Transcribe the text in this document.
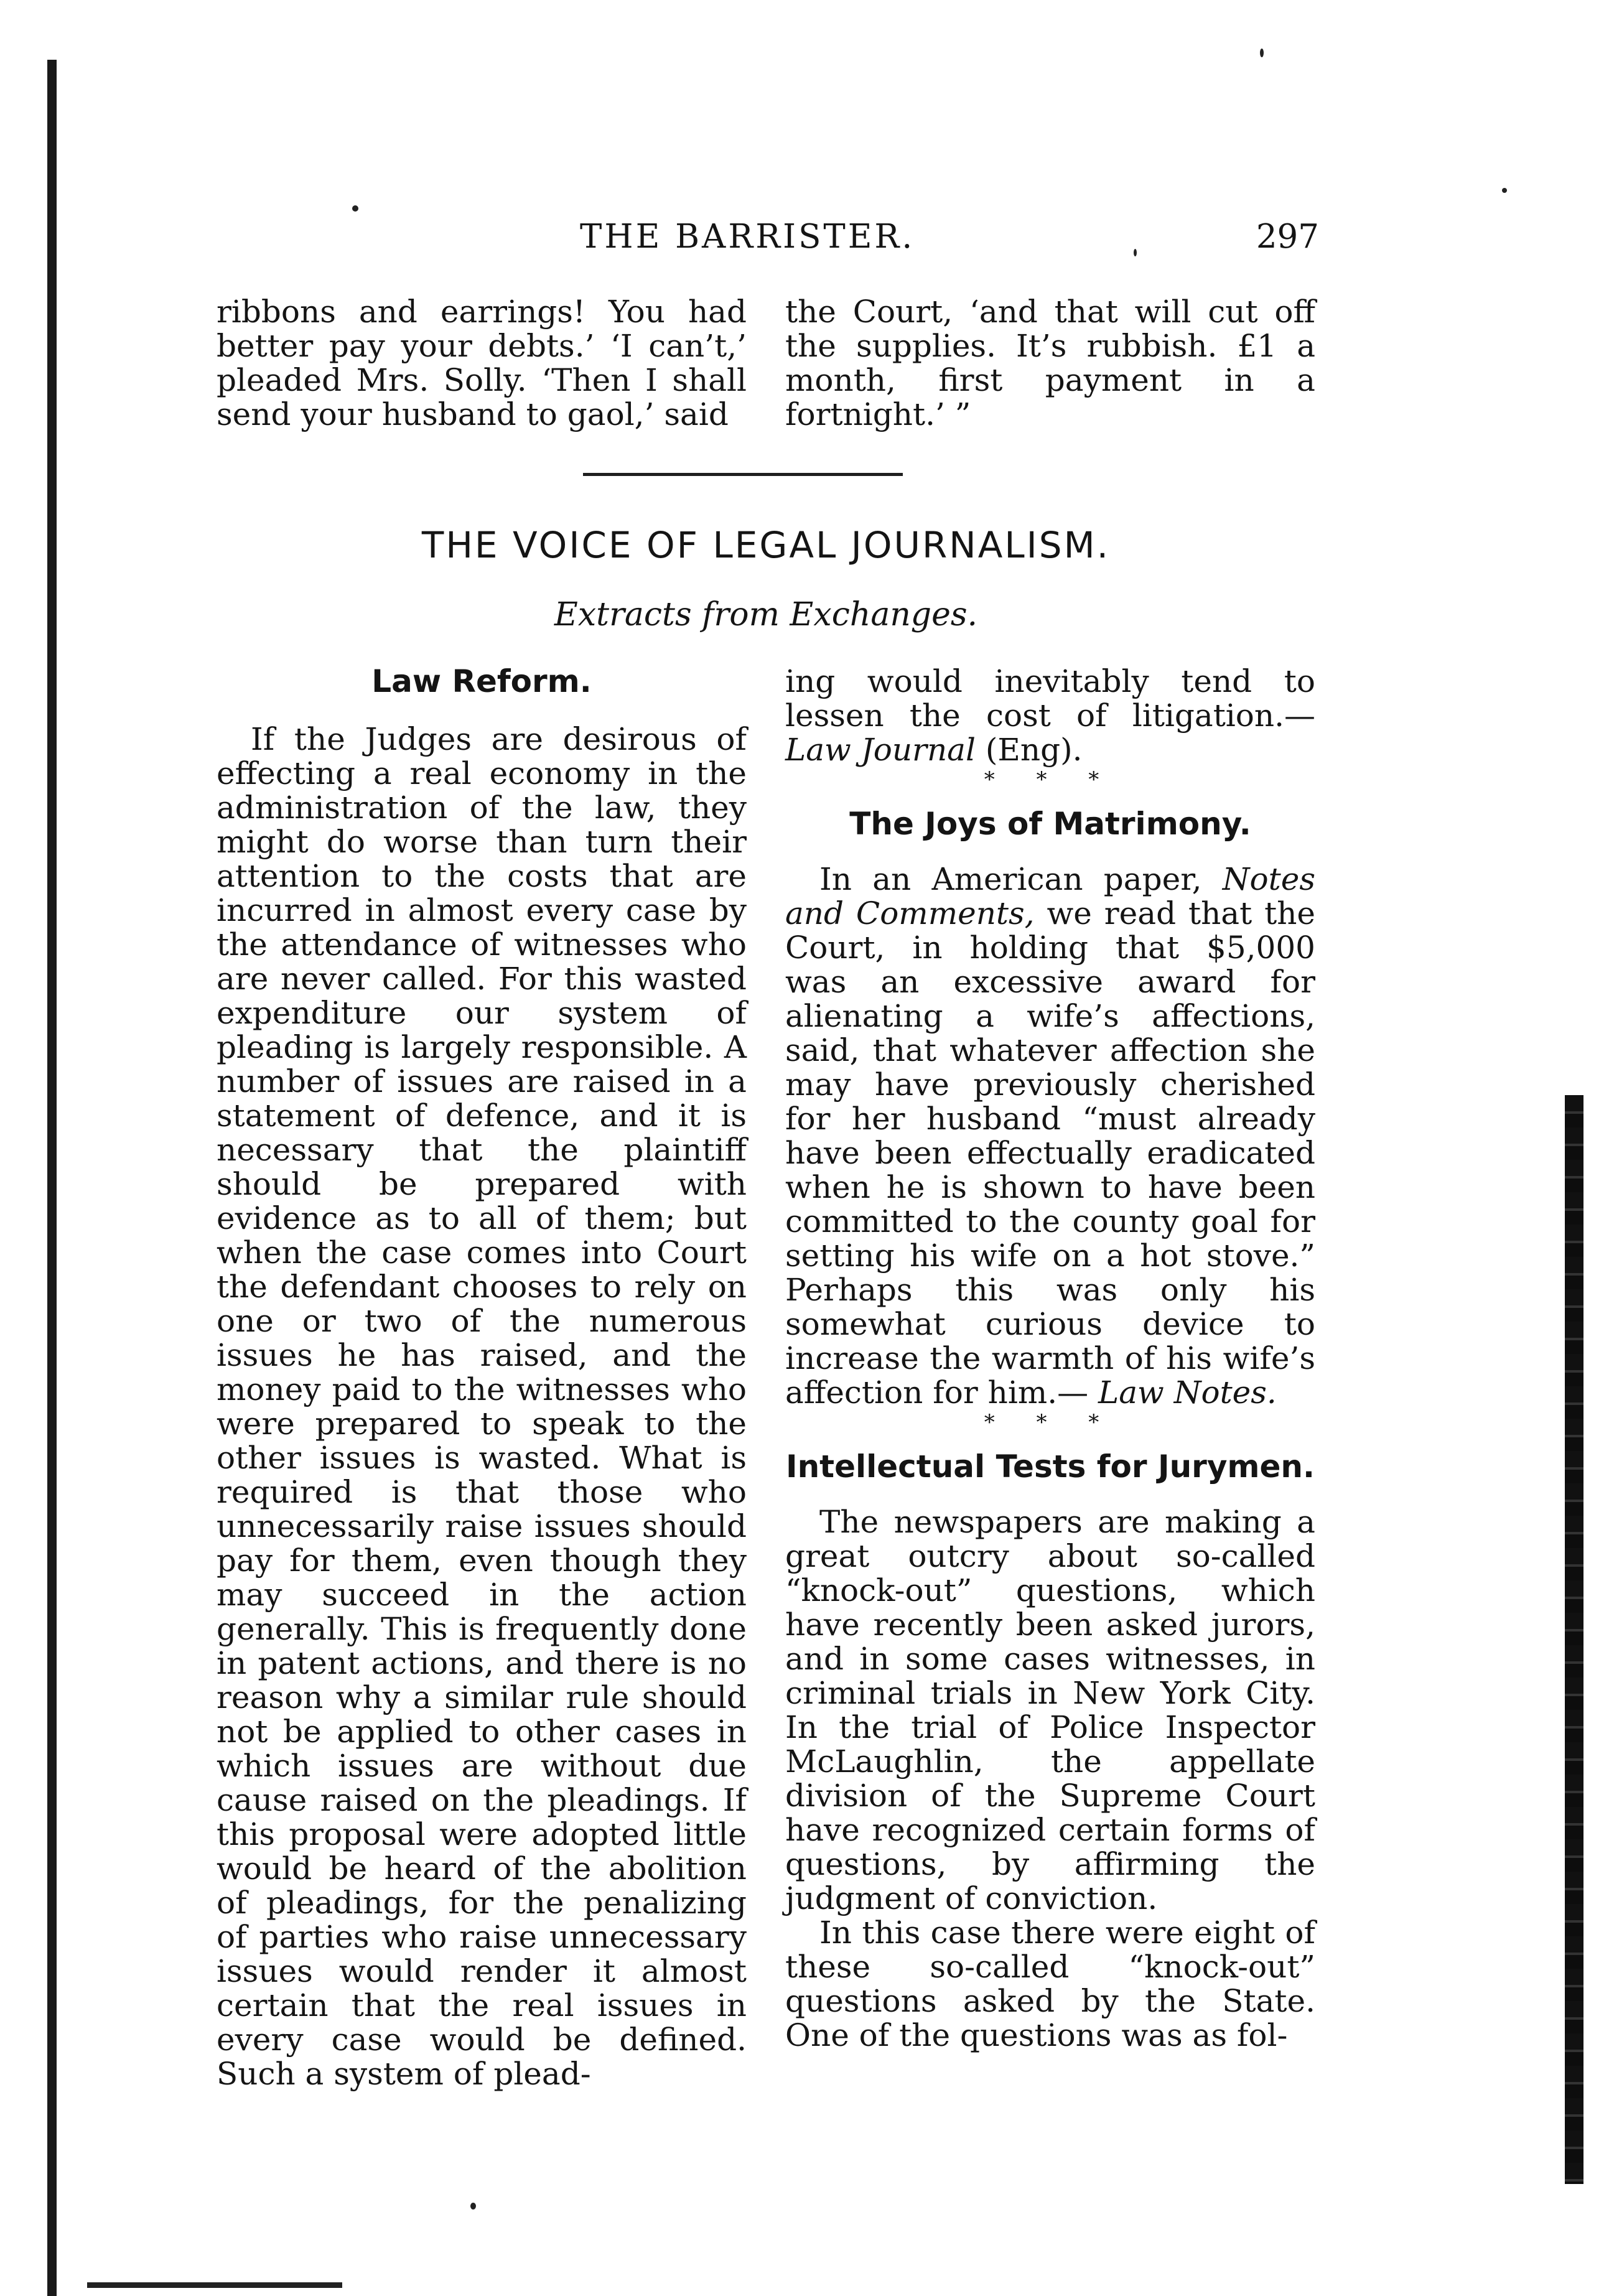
THE BARRISTER.	297

ribbons and earrings! You had better pay your debts.’ ‘I can’t,’ pleaded Mrs. Solly. ‘Then I shall send your husband to gaol,’ said

the Court, ‘and that will cut off the supplies. It’s rubbish. £1 a month, first payment in a fortnight.’ ”

THE VOICE OF LEGAL JOURNALISM.
Extracts from Exchanges.
Law Reform.

If the Judges are desirous of effecting a real economy in the administration of the law, they might do worse than turn their attention to the costs that are incurred in almost every case by the attendance of witnesses who are never called. For this wasted expenditure our system of pleading is largely responsible. A number of issues are raised in a statement of defence, and it is necessary that the plaintiff should be prepared with evidence as to all of them; but when the case comes into Court the defendant chooses to rely on one or two of the numerous issues he has raised, and the money paid to the witnesses who were prepared to speak to the other issues is wasted. What is required is that those who unnecessarily raise issues should pay for them, even though they may succeed in the action generally. This is frequently done in patent actions, and there is no reason why a similar rule should not be applied to other cases in which issues are without due cause raised on the pleadings. If this proposal were adopted little would be heard of the abolition of pleadings, for the penalizing of parties who raise unnecessary issues would render it almost certain that the real issues in every case would be defined. Such a system of plead-

ing would inevitably tend to lessen the cost of litigation.—Law Journal (Eng).

* * *

The Joys of Matrimony.

In an American paper, Notes and Comments, we read that the Court, in holding that $5,000 was an excessive award for alienating a wife’s affections, said, that whatever affection she may have previously cherished for her husband “must already have been effectually eradicated when he is shown to have been committed to the county goal for setting his wife on a hot stove.” Perhaps this was only his somewhat curious device to increase the warmth of his wife’s affection for him.— Law Notes.

* * *

Intellectual Tests for Jurymen.

The newspapers are making a great outcry about so-called “knock-out” questions, which have recently been asked jurors, and in some cases witnesses, in criminal trials in New York City. In the trial of Police Inspector McLaughlin, the appellate division of the Supreme Court have recognized certain forms of questions, by affirming the judgment of conviction.

In this case there were eight of these so-called “knock-out” questions asked by the State. One of the questions was as fol-
